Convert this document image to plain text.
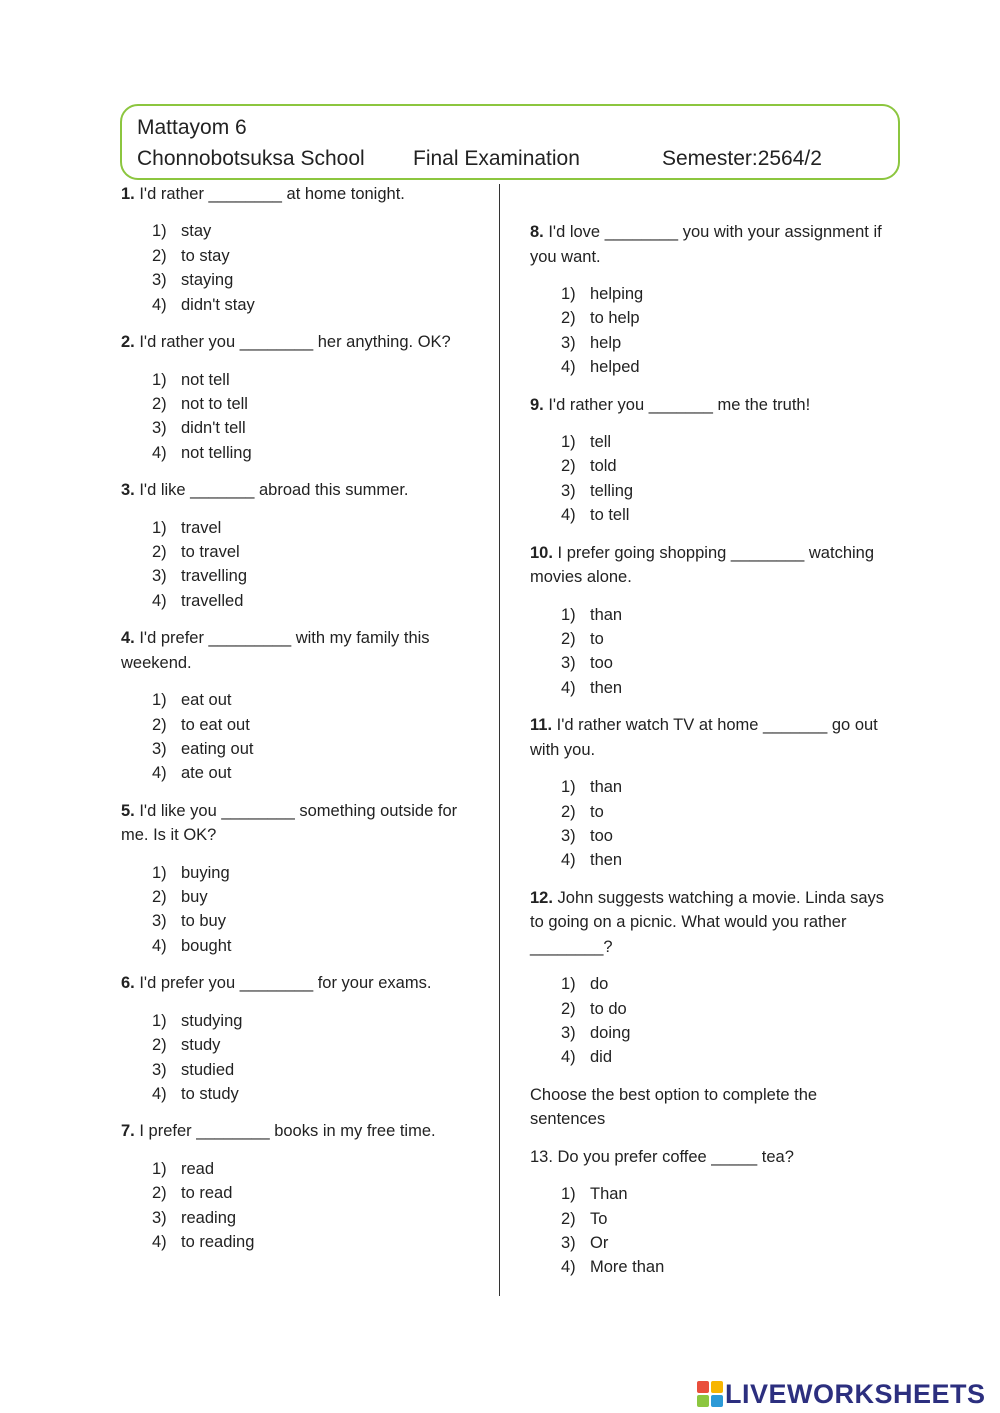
Mattayom 6
Chonnobotsuksa School Final Examination	Semester:2564/2

1. I'd rather ________ at home tonight.

1) stay
2) to stay
3) staying
4) didn't stay

2. I'd rather you ________ her anything. OK?

1) not tell
2) not to tell
3) didn't tell
4) not telling

3. I'd like _______ abroad this summer.

1) travel
2) to travel
3) travelling
4) travelled

4. I'd prefer _________ with my family this weekend.

1) eat out
2) to eat out
3) eating out
4) ate out

5. I'd like you ________ something outside for me. Is it OK?

1) buying
2) buy
3) to buy
4) bought

6. I'd prefer you ________ for your exams.

1) studying
2) study
3) studied
4) to study

7. I prefer ________ books in my free time.

1) read
2) to read
3) reading
4) to reading

8. I'd love ________ you with your assignment if you want.

1) helping
2) to help
3) help
4) helped

9. I'd rather you _______ me the truth!

1) tell
2) told
3) telling
4) to tell

10. I prefer going shopping ________ watching movies alone.

1) than
2) to
3) too
4) then

11. I'd rather watch TV at home _______ go out with you.

1) than
2) to
3) too
4) then

12. John suggests watching a movie. Linda says to going on a picnic. What would you rather ________?

1) do
2) to do
3) doing
4) did

Choose the best option to complete the sentences

13. Do you prefer coffee _____ tea?

1) Than
2) To
3) Or
4) More than
LIVEWORKSHEETS
